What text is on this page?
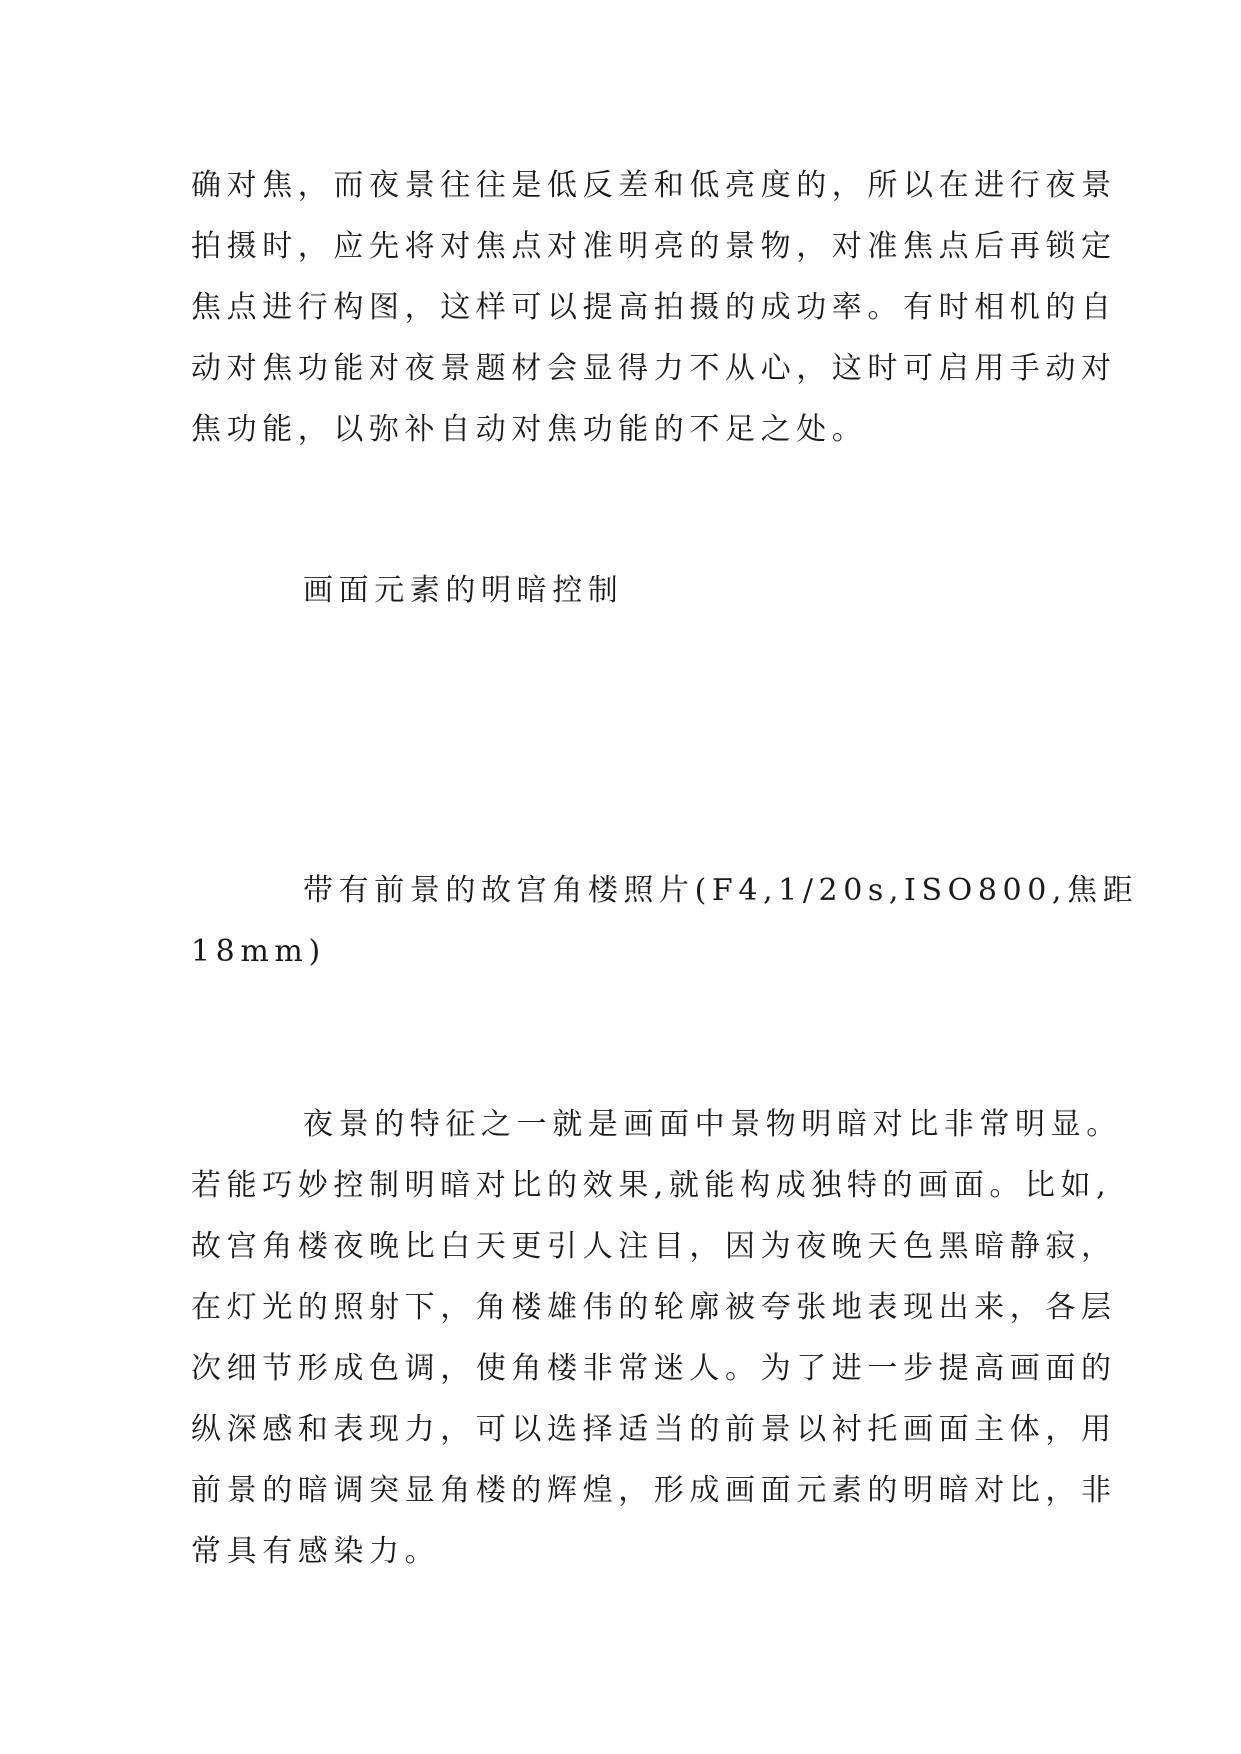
确对焦，而夜景往往是低反差和低亮度的，所以在进行夜景
拍摄时，应先将对焦点对准明亮的景物，对准焦点后再锁定
焦点进行构图，这样可以提高拍摄的成功率。有时相机的自
动对焦功能对夜景题材会显得力不从心，这时可启用手动对
焦功能，以弥补自动对焦功能的不足之处。
画面元素的明暗控制
带有前景的故宫角楼照片(F4,1/20s,ISO800,焦距
18mm)
夜景的特征之一就是画面中景物明暗对比非常明显。
若能巧妙控制明暗对比的效果,就能构成独特的画面。比如,
故宫角楼夜晚比白天更引人注目，因为夜晚天色黑暗静寂，
在灯光的照射下，角楼雄伟的轮廓被夸张地表现出来，各层
次细节形成色调，使角楼非常迷人。为了进一步提高画面的
纵深感和表现力，可以选择适当的前景以衬托画面主体，用
前景的暗调突显角楼的辉煌，形成画面元素的明暗对比，非
常具有感染力。
